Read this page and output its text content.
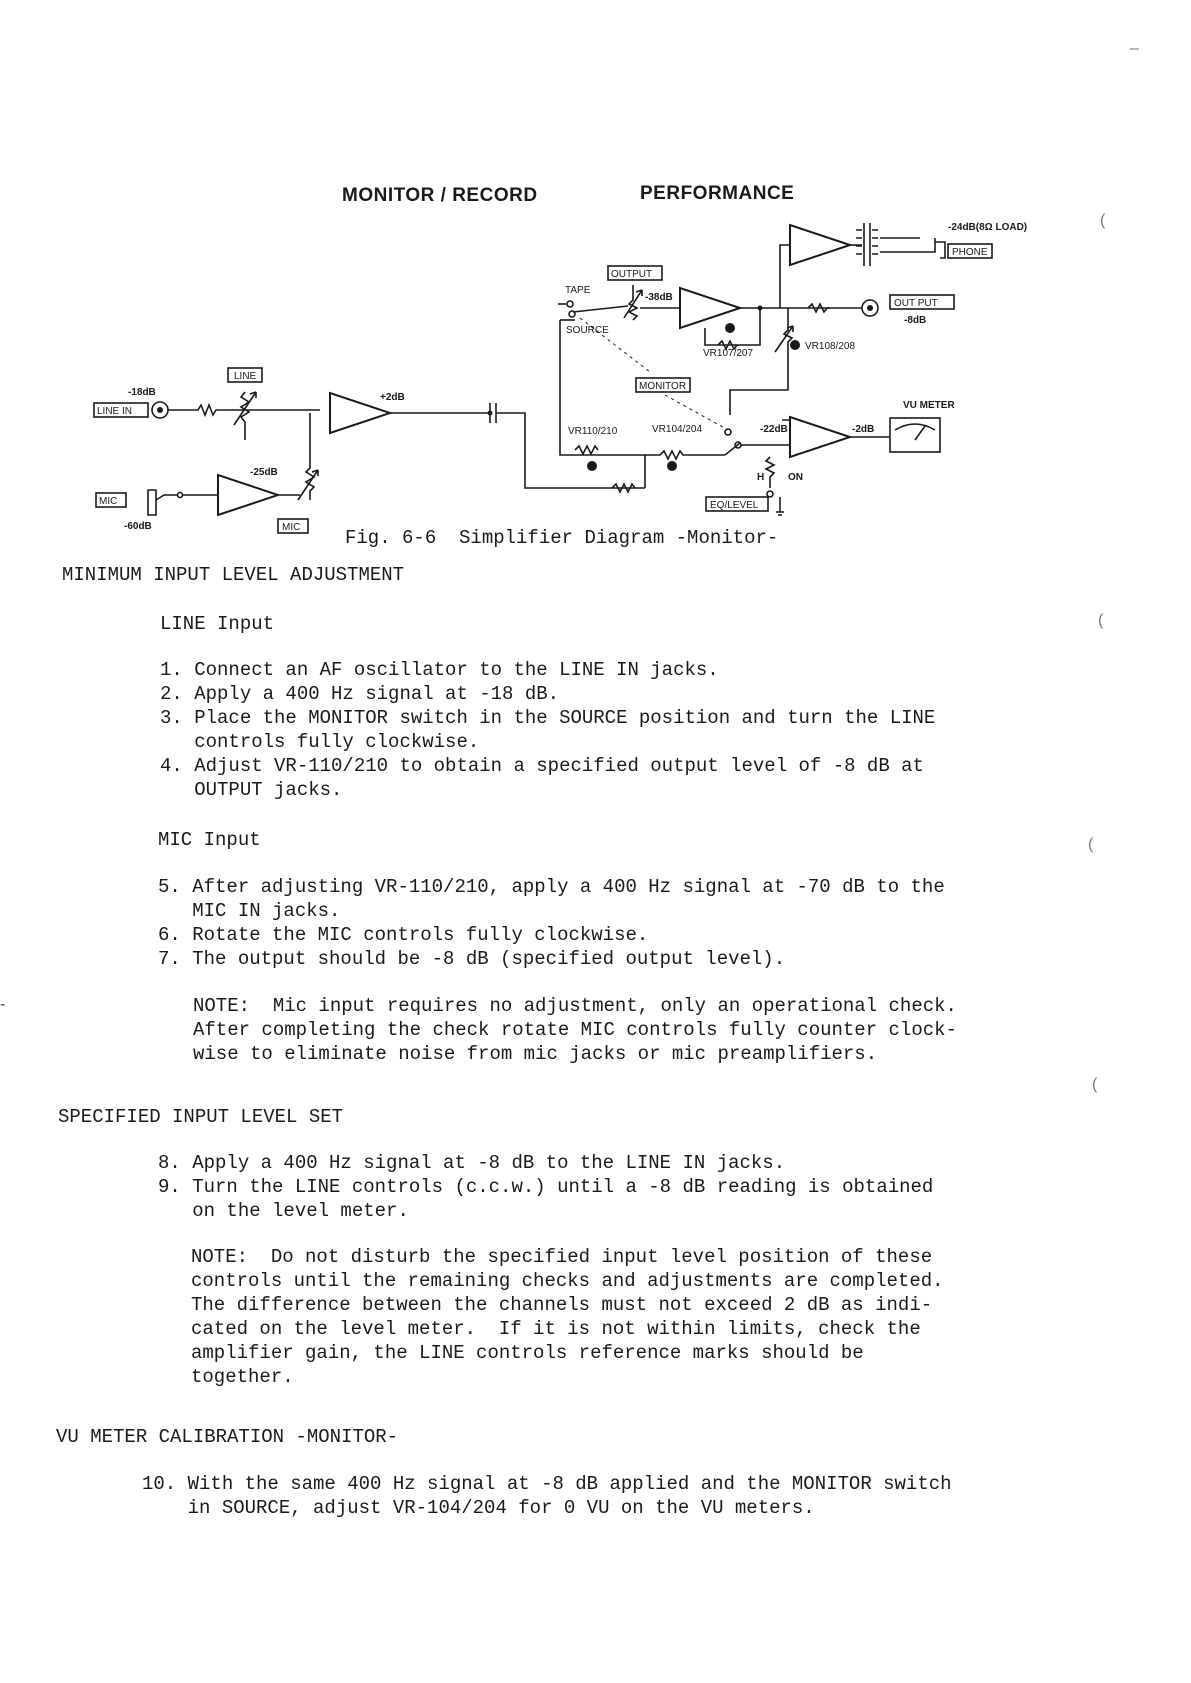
MONITOR / RECORD	PERFORMANCE
-18dB
LINE IN
LINE
+2dB
MIC
-60dB
-25dB
MIC
VR110/210	VR104/204
OUTPUT
TAPE
SOURCE
-38dB
VR107/207
OUT PUT
-8dB
VR108/208
-24dB(8Ω LOAD)
PHONE
MONITOR
-22dB	-2dB
VU METER
H ON
EQ/LEVEL
Fig. 6-6  Simplifier Diagram -Monitor-
MINIMUM INPUT LEVEL ADJUSTMENT
LINE Input
1. Connect an AF oscillator to the LINE IN jacks.
2. Apply a 400 Hz signal at -18 dB.
3. Place the MONITOR switch in the SOURCE position and turn the LINE
controls fully clockwise.
4. Adjust VR-110/210 to obtain a specified output level of -8 dB at
OUTPUT jacks.
MIC Input
5. After adjusting VR-110/210, apply a 400 Hz signal at -70 dB to the
MIC IN jacks.
6. Rotate the MIC controls fully clockwise.
7. The output should be -8 dB (specified output level).
NOTE:  Mic input requires no adjustment, only an operational check.
After completing the check rotate MIC controls fully counter clock-
wise to eliminate noise from mic jacks or mic preamplifiers.
SPECIFIED INPUT LEVEL SET
8. Apply a 400 Hz signal at -8 dB to the LINE IN jacks.
9. Turn the LINE controls (c.c.w.) until a -8 dB reading is obtained
on the level meter.
NOTE:  Do not disturb the specified input level position of these
controls until the remaining checks and adjustments are completed.
The difference between the channels must not exceed 2 dB as indi-
cated on the level meter.  If it is not within limits, check the
amplifier gain, the LINE controls reference marks should be
together.
VU METER CALIBRATION -MONITOR-
10. With the same 400 Hz signal at -8 dB applied and the MONITOR switch
in SOURCE, adjust VR-104/204 for 0 VU on the VU meters.
–
(
(
(
(
-
